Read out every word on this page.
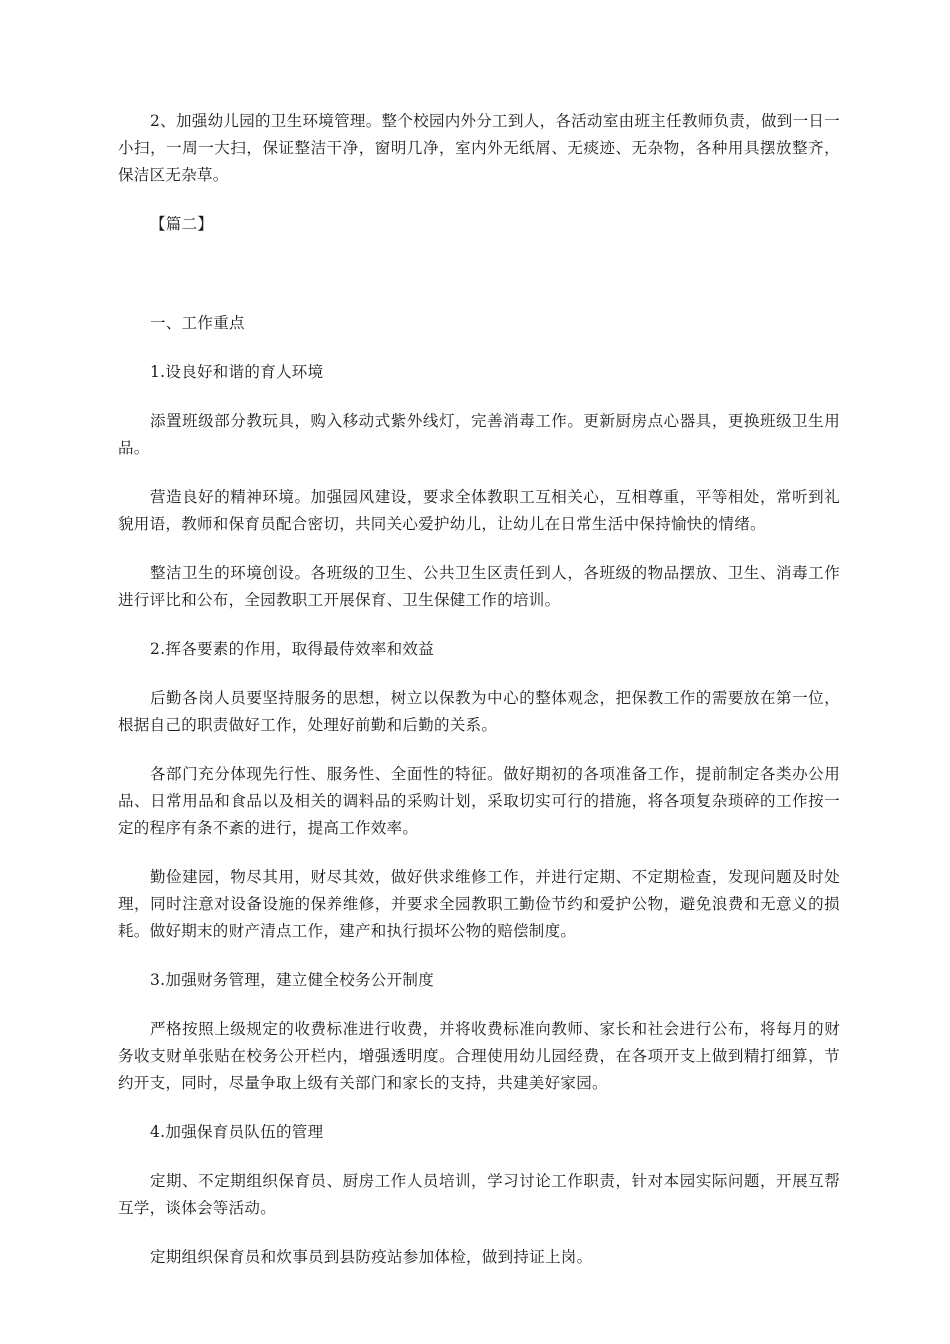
2、加强幼儿园的卫生环境管理。整个校园内外分工到人，各活动室由班主任教师负责，做到一日一小扫，一周一大扫，保证整洁干净，窗明几净，室内外无纸屑、无痰迹、无杂物，各种用具摆放整齐，保洁区无杂草。

【篇二】

一、工作重点

1.设良好和谐的育人环境

添置班级部分教玩具，购入移动式紫外线灯，完善消毒工作。更新厨房点心器具，更换班级卫生用品。

营造良好的精神环境。加强园风建设，要求全体教职工互相关心，互相尊重，平等相处，常听到礼貌用语，教师和保育员配合密切，共同关心爱护幼儿，让幼儿在日常生活中保持愉快的情绪。

整洁卫生的环境创设。各班级的卫生、公共卫生区责任到人，各班级的物品摆放、卫生、消毒工作进行评比和公布，全园教职工开展保育、卫生保健工作的培训。

2.挥各要素的作用，取得最侍效率和效益

后勤各岗人员要坚持服务的思想，树立以保教为中心的整体观念，把保教工作的需要放在第一位，根据自己的职责做好工作，处理好前勤和后勤的关系。

各部门充分体现先行性、服务性、全面性的特征。做好期初的各项准备工作，提前制定各类办公用品、日常用品和食品以及相关的调料品的采购计划，采取切实可行的措施，将各项复杂琐碎的工作按一定的程序有条不紊的进行，提高工作效率。

勤俭建园，物尽其用，财尽其效，做好供求维修工作，并进行定期、不定期检查，发现问题及时处理，同时注意对设备设施的保养维修，并要求全园教职工勤俭节约和爱护公物，避免浪费和无意义的损耗。做好期末的财产清点工作，建产和执行损坏公物的赔偿制度。

3.加强财务管理，建立健全校务公开制度

严格按照上级规定的收费标准进行收费，并将收费标准向教师、家长和社会进行公布，将每月的财务收支财单张贴在校务公开栏内，增强透明度。合理使用幼儿园经费，在各项开支上做到精打细算，节约开支，同时，尽量争取上级有关部门和家长的支持，共建美好家园。

4.加强保育员队伍的管理

定期、不定期组织保育员、厨房工作人员培训，学习讨论工作职责，针对本园实际问题，开展互帮互学，谈体会等活动。

定期组织保育员和炊事员到县防疫站参加体检，做到持证上岗。
